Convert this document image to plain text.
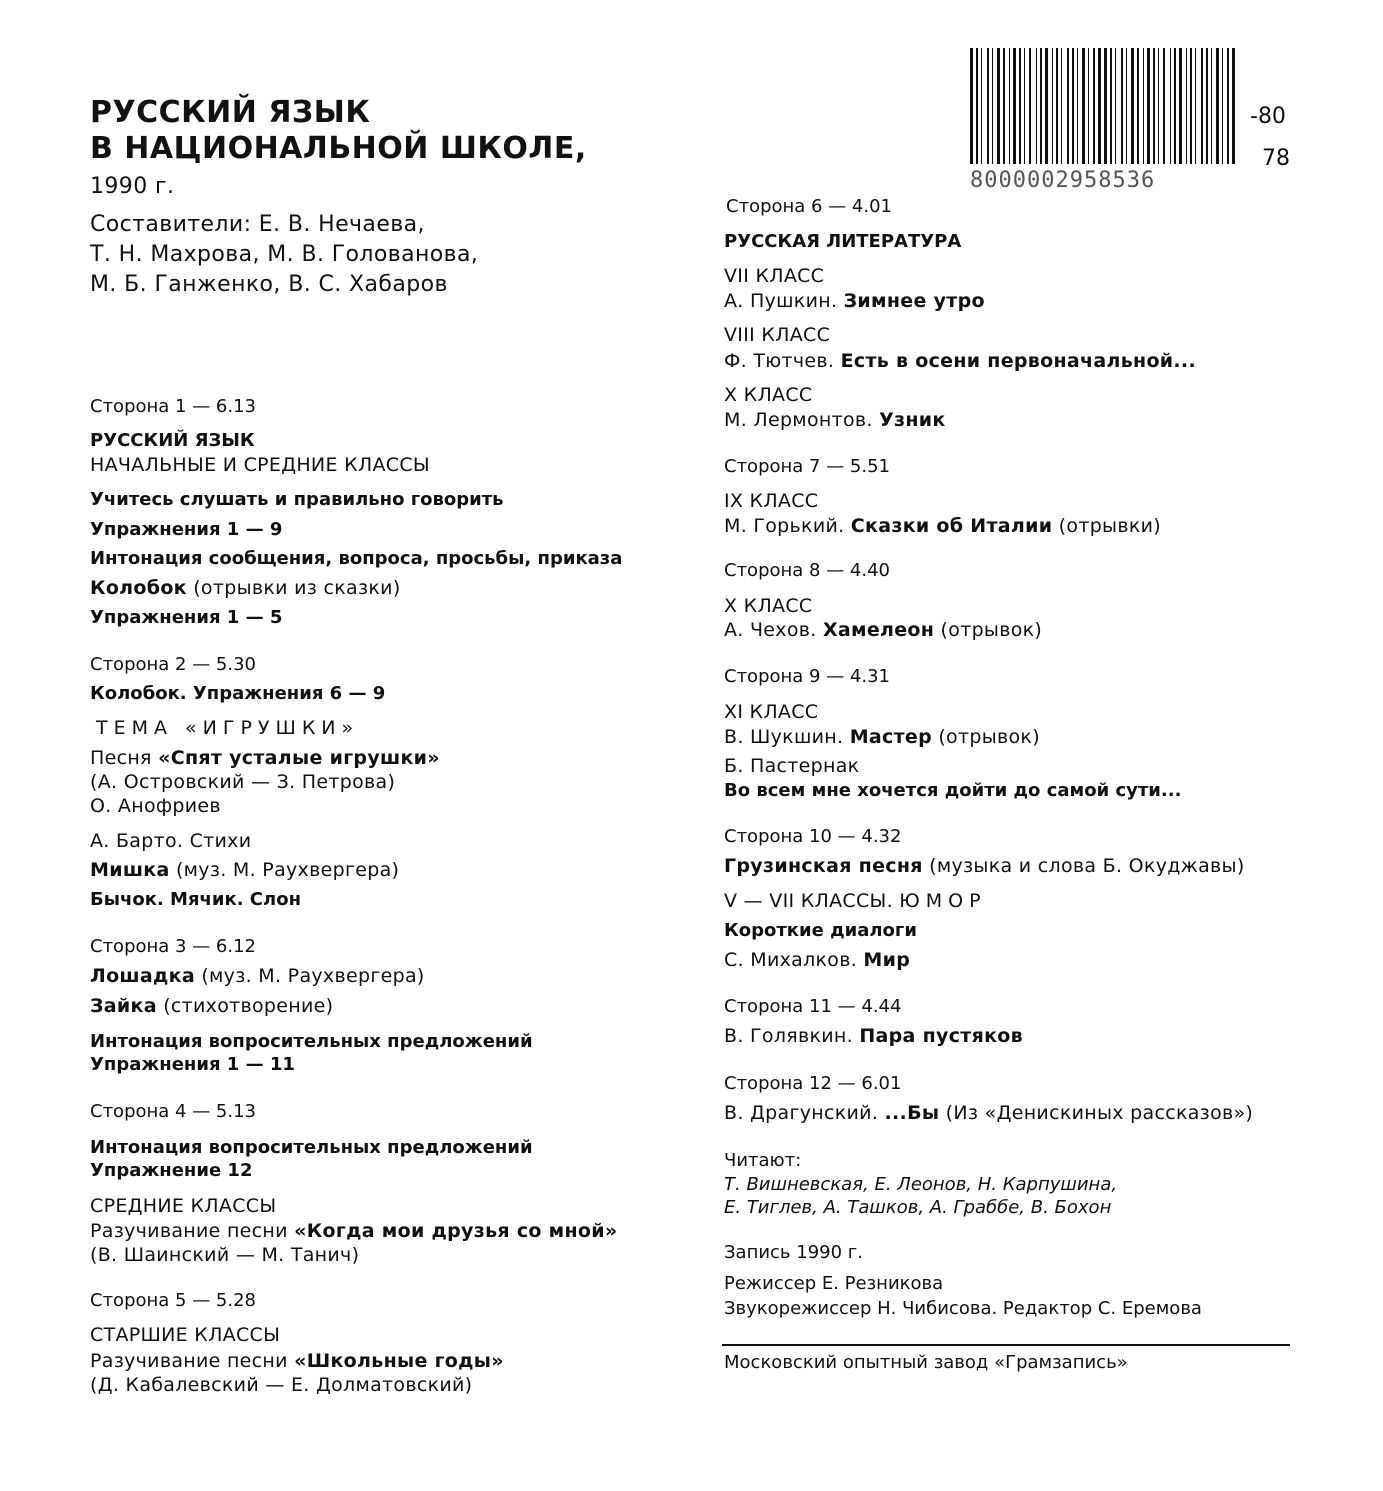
РУССКИЙ ЯЗЫК
В НАЦИОНАЛЬНОЙ ШКОЛЕ,
1990 г.
Составители: Е. В. Нечаева,
Т. Н. Махрова, М. В. Голованова,
М. Б. Ганженко, В. С. Хабаров
8000002958536
-80
78
Сторона 1 — 6.13
РУССКИЙ ЯЗЫК
НАЧАЛЬНЫЕ И СРЕДНИЕ КЛАССЫ
Учитесь слушать и правильно говорить
Упражнения 1 — 9
Интонация сообщения, вопроса, просьбы, приказа
Колобок (отрывки из сказки)
Упражнения 1 — 5
Сторона 2 — 5.30
Колобок. Упражнения 6 — 9
ТЕМА «ИГРУШКИ»
Песня «Спят усталые игрушки»
(А. Островский — З. Петрова)
О. Анофриев
А. Барто. Стихи
Мишка (муз. М. Раухвергера)
Бычок. Мячик. Слон
Сторона 3 — 6.12
Лошадка (муз. М. Раухвергера)
Зайка (стихотворение)
Интонация вопросительных предложений
Упражнения 1 — 11
Сторона 4 — 5.13
Интонация вопросительных предложений
Упражнение 12
СРЕДНИЕ КЛАССЫ
Разучивание песни «Когда мои друзья со мной»
(В. Шаинский — М. Танич)
Сторона 5 — 5.28
СТАРШИЕ КЛАССЫ
Разучивание песни «Школьные годы»
(Д. Кабалевский — Е. Долматовский)
Сторона 6 — 4.01
РУССКАЯ ЛИТЕРАТУРА
VII КЛАСС
А. Пушкин. Зимнее утро
VIII КЛАСС
Ф. Тютчев. Есть в осени первоначальной...
X КЛАСС
М. Лермонтов. Узник
Сторона 7 — 5.51
IX КЛАСС
М. Горький. Сказки об Италии (отрывки)
Сторона 8 — 4.40
X КЛАСС
А. Чехов. Хамелеон (отрывок)
Сторона 9 — 4.31
XI КЛАСС
В. Шукшин. Мастер (отрывок)
Б. Пастернак
Во всем мне хочется дойти до самой сути...
Сторона 10 — 4.32
Грузинская песня (музыка и слова Б. Окуджавы)
V — VII КЛАССЫ. ЮМОР
Короткие диалоги
С. Михалков. Мир
Сторона 11 — 4.44
В. Голявкин. Пара пустяков
Сторона 12 — 6.01
В. Драгунский. ...Бы (Из «Денискиных рассказов»)
Читают:
Т. Вишневская, Е. Леонов, Н. Карпушина,
Е. Тиглев, А. Ташков, А. Граббе, В. Бохон
Запись 1990 г.
Режиссер Е. Резникова
Звукорежиссер Н. Чибисова. Редактор С. Еремова
Московский опытный завод «Грамзапись»
